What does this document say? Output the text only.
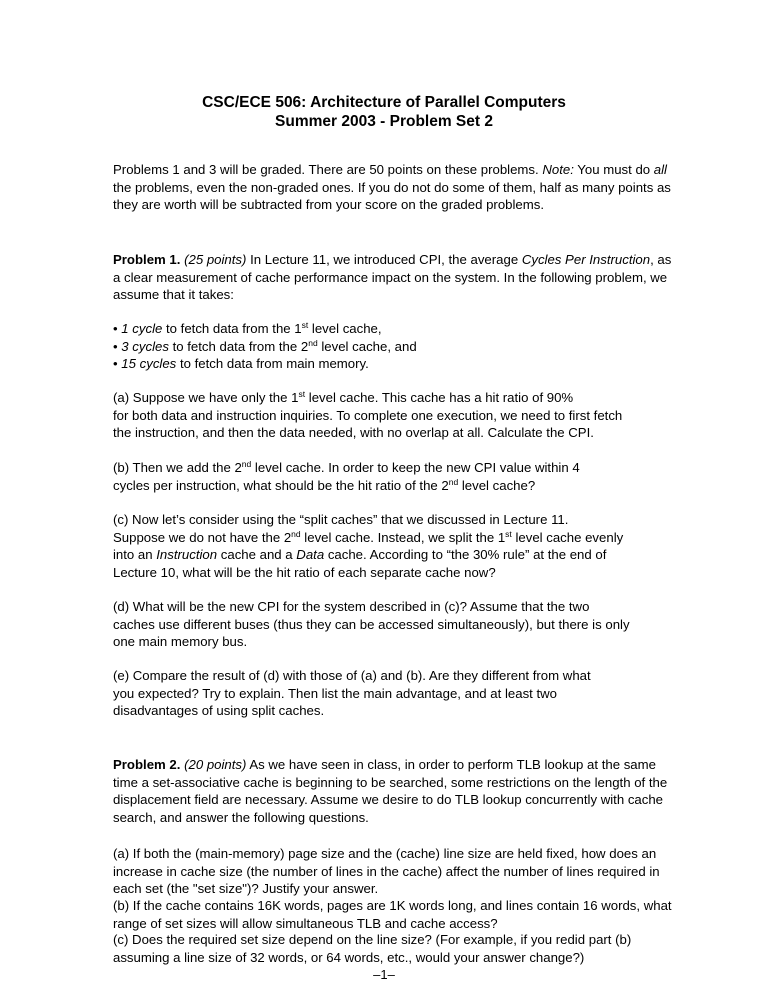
CSC/ECE 506: Architecture of Parallel Computers
Summer 2003 - Problem Set 2

Problems 1 and 3 will be graded. There are 50 points on these problems. Note: You must do all the problems, even the non-graded ones. If you do not do some of them, half as many points as they are worth will be subtracted from your score on the graded problems.

Problem 1. (25 points) In Lecture 11, we introduced CPI, the average Cycles Per Instruction, as a clear measurement of cache performance impact on the system. In the following problem, we assume that it takes:

• 1 cycle to fetch data from the 1st level cache,

• 3 cycles to fetch data from the 2nd level cache, and

• 15 cycles to fetch data from main memory.

(a) Suppose we have only the 1st level cache. This cache has a hit ratio of 90%

for both data and instruction inquiries. To complete one execution, we need to first fetch

the instruction, and then the data needed, with no overlap at all. Calculate the CPI.

(b) Then we add the 2nd level cache. In order to keep the new CPI value within 4

cycles per instruction, what should be the hit ratio of the 2nd level cache?

(c) Now let’s consider using the “split caches” that we discussed in Lecture 11.

Suppose we do not have the 2nd level cache. Instead, we split the 1st level cache evenly

into an Instruction cache and a Data cache. According to “the 30% rule” at the end of

Lecture 10, what will be the hit ratio of each separate cache now?

(d) What will be the new CPI for the system described in (c)? Assume that the two

caches use different buses (thus they can be accessed simultaneously), but there is only

one main memory bus.

(e) Compare the result of (d) with those of (a) and (b). Are they different from what

you expected? Try to explain. Then list the main advantage, and at least two

disadvantages of using split caches.

Problem 2. (20 points) As we have seen in class, in order to perform TLB lookup at the same time a set-associative cache is beginning to be searched, some restrictions on the length of the displacement field are necessary. Assume we desire to do TLB lookup concurrently with cache search, and answer the following questions.

(a) If both the (main-memory) page size and the (cache) line size are held fixed, how does an increase in cache size (the number of lines in the cache) affect the number of lines required in each set (the "set size")? Justify your answer.

(b) If the cache contains 16K words, pages are 1K words long, and lines contain 16 words, what range of set sizes will allow simultaneous TLB and cache access?

(c) Does the required set size depend on the line size? (For example, if you redid part (b) assuming a line size of 32 words, or 64 words, etc., would your answer change?)

–1–
